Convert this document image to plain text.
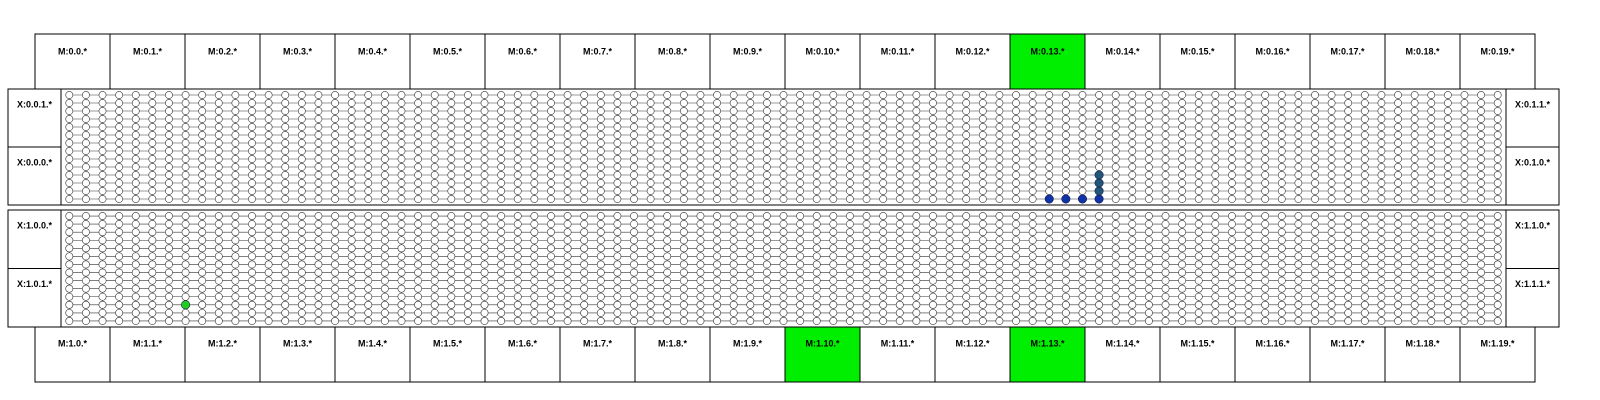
M:0.0.*	M:0.1.*	M:0.2.*	M:0.3.*	M:0.4.*	M:0.5.*	M:0.6.*	M:0.7.*	M:0.8.*	M:0.9.*	M:0.10.*	M:0.11.*	M:0.12.*	M:0.13.*	M:0.14.*	M:0.15.*	M:0.16.*	M:0.17.*	M:0.18.*	M:0.19.*
M:1.0.*	M:1.1.*	M:1.2.*	M:1.3.*	M:1.4.*	M:1.5.*	M:1.6.*	M:1.7.*	M:1.8.*	M:1.9.*	M:1.10.*	M:1.11.*	M:1.12.*	M:1.13.*	M:1.14.*	M:1.15.*	M:1.16.*	M:1.17.*	M:1.18.*	M:1.19.*
X:0.0.1.*	X:0.1.1.*
X:0.0.0.*	X:0.1.0.*
X:1.0.0.*	X:1.1.0.*
X:1.0.1.*	X:1.1.1.*
